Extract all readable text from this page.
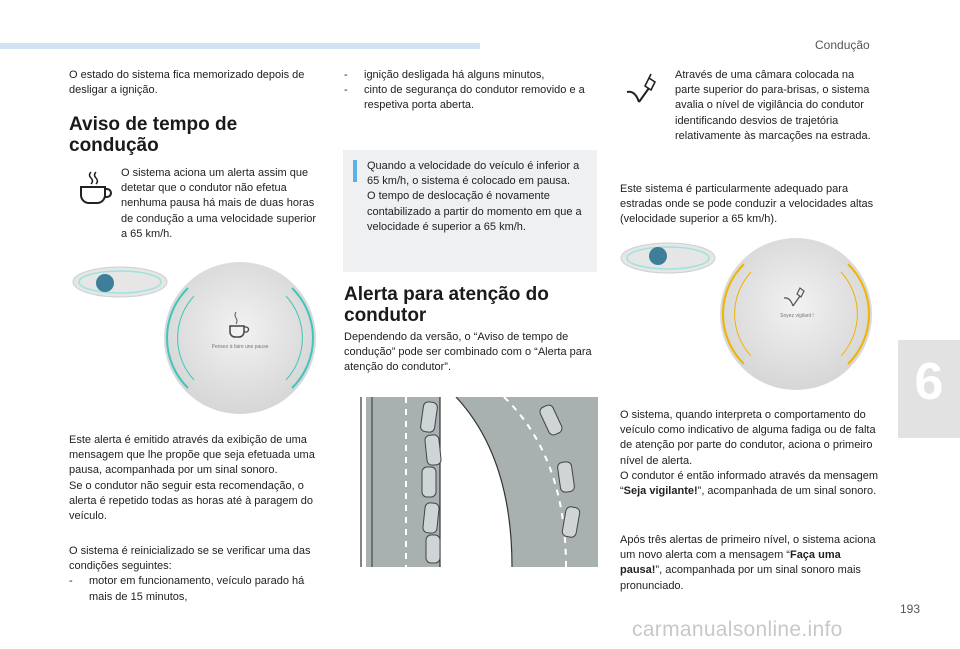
Condução
O estado do sistema fica memorizado depois de desligar a ignição.
Aviso de tempo de
condução
O sistema aciona um alerta assim que detetar que o condutor não efetua nenhuma pausa há mais de duas horas de condução a uma velocidade superior a 65 km/h.
Pensez à faire une pause
Este alerta é emitido através da exibição de uma mensagem que lhe propõe que seja efetuada uma pausa, acompanhada por um sinal sonoro.
Se o condutor não seguir esta recomendação, o alerta é repetido todas as horas até à paragem do veículo.
O sistema é reinicializado se se verificar uma das condições seguintes:
- motor em funcionamento, veículo parado há mais de 15 minutos,
- ignição desligada há alguns minutos,
- cinto de segurança do condutor removido e a respetiva porta aberta.
Quando a velocidade do veículo é inferior a 65 km/h, o sistema é colocado em pausa.
O tempo de deslocação é novamente contabilizado a partir do momento em que a velocidade é superior a 65 km/h.
Alerta para atenção do
condutor
Dependendo da versão, o “Aviso de tempo de condução” pode ser combinado com o “Alerta para atenção do condutor”.
Através de uma câmara colocada na parte superior do para-brisas, o sistema avalia o nível de vigilância do condutor identificando desvios de trajetória relativamente às marcações na estrada.
Este sistema é particularmente adequado para estradas onde se pode conduzir a velocidades altas (velocidade superior a 65 km/h).
Soyez vigilant !
O sistema, quando interpreta o comportamento do veículo como indicativo de alguma fadiga ou de falta de atenção por parte do condutor, aciona o primeiro nível de alerta.
O condutor é então informado através da mensagem “Seja vigilante!”, acompanhada de um sinal sonoro.
Após três alertas de primeiro nível, o sistema aciona um novo alerta com a mensagem “Faça uma pausa!”, acompanhada por um sinal sonoro mais pronunciado.
6
193
carmanualsonline.info
